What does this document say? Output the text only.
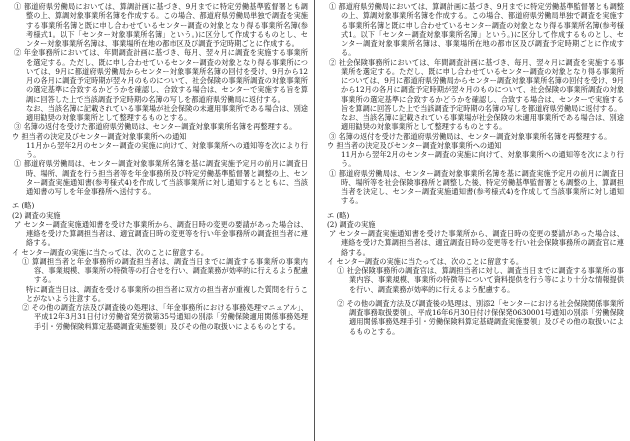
① 都道府県労働局においては、算調計画に基づき、9月までに特定労働基準監督署とも調整の上、算調対象事業所名簿を作成する。この場合、都道府県労働局単独で調査を実施する事業所名簿と既に申し合わせているセンター調査の対象となり得る事業所名簿(参考様式1。以下「センター対象事業所名簿」という。)に区分して作成するものとし、センター対象事業所名簿は、事業場所在地の都市区及び調査予定時期ごとに作成する。

② 年金事務所においては、年間調査計画に基づき、毎月、翌々月に調査を実施する事業所を選定する。ただし、既に申し合わせているセンター調査の対象となり得る事業所については、9月に都道府県労働局からセンター対象事業所名簿の回付を受け、9月から12月の各月に調査予定時期が翌々月のものについて、社会保険の事業所調査の対象事業所の選定基準に合致するかどうかを確認し、合致する場合は、センターで実施する旨を算調に回答した上で当該調査予定時期の名簿の写しを都道府県労働局に返付する。

なお、当該名簿に記載されている事業場が社会保険の未適用事業所である場合は、別途適用勧奨の対象事業所として整理するものとする。

③ 名簿の返付を受けた都道府県労働局は、センター調査対象事業所名簿を再整理する。

ウ 担当者の決定及びセンター調査対象事業所への通知

11月から翌年2月のセンター調査の実施に向けて、対象事業所への通知等を次により行う。

① 都道府県労働局は、センター調査対象事業所名簿を基に調査実施予定月の前月に調査日時、場所、調査を行う担当者等を年金事務所及び特定労働基準監督署と調整の上、センター調査実施通知書(参考様式4)を作成して当該事業所に対し通知するとともに、当該通知書の写しを年金事務所へ送付する。

エ (略)

(2) 調査の実施

ア センター調査実施通知書を受けた事業所から、調査日時の変更の要請があった場合は、連絡を受けた算調担当者は、適宜調査日時の変更等を行い年金事務所の調査担当者に連絡する。

イ センター調査の実施に当たっては、次のことに留意する。

① 算調担当者と年金事務所の調査担当者は、調査当日までに調査する事業所の事業内容、事業規模、事業所の特徴等の打合せを行い、調査業務が効率的に行えるよう配慮する。

特に調査当日は、調査を受ける事業所の担当者に双方の担当者が重複した質問を行うことがないよう注意する。

② その他の調査方法及び調査後の処理は、「年金事務所における事務処理マニュアル」、平成12年3月31日付け労働省発労徴第35号通知の別添「労働保険適用関係事務処理手引・労働保険料算定基礎調査実施要領」及びその他の取扱いによるものとする。

① 都道府県労働局においては、算調計画に基づき、9月までに特定労働基準監督署とも調整の上、算調対象事業所名簿を作成する。この場合、都道府県労働局単独で調査を実施する事業所名簿と既に申し合わせているセンター調査の対象となり得る事業所名簿(参考様式1。以下「センター調査対象事業所名簿」という。)に区分して作成するものとし、センター調査対象事業所名簿は、事業場所在地の都市区及び調査予定時期ごとに作成する。

② 社会保険事務所においては、年間調査計画に基づき、毎月、翌々月に調査を実施する事業所を選定する。ただし、既に申し合わせているセンター調査の対象となり得る事業所については、9月に都道府県労働局からセンター調査対象事業所名簿の回付を受け、9月から12月の各月に調査予定時期が翌々月のものについて、社会保険の事業所調査の対象事業所の選定基準に合致するかどうかを確認し、合致する場合は、センターで実施する旨を算調に回答した上で当該調査予定時期の名簿の写しを都道府県労働局に返付する。

なお、当該名簿に記載されている事業場が社会保険の未適用事業所である場合は、別途適用勧奨の対象事業所として整理するものとする。

③ 名簿の返付を受けた都道府県労働局は、センター調査対象事業所名簿を再整理する。

ウ 担当者の決定及びセンター調査対象事業所への通知

11月から翌年2月のセンター調査の実施に向けて、対象事業所への通知等を次により行う。

① 都道府県労働局は、センター調査対象事業所名簿を基に調査実施予定月の前月に調査日時、場所等を社会保険事務所と調整した後、特定労働基準監督署とも調整の上、算調担当者を決定し、センター調査実施通知書(参考様式4)を作成して当該事業所に対し通知する。

エ (略)

(2) 調査の実施

ア センター調査実施通知書を受けた事業所から、調査日時の変更の要請があった場合は、連絡を受けた算調担当者は、適宜調査日時の変更等を行い社会保険事務所の調査官に連絡する。

イ センター調査の実施に当たっては、次のことに留意する。

① 社会保険事務所の調査官は、算調担当者に対し、調査当日までに調査する事業所の事業内容、事業規模、事業所の特徴等について資料提供を行う等により十分な情報提供を行い、調査業務が効率的に行えるよう配慮する。

② その他の調査方法及び調査後の処理は、別添2「センターにおける社会保険関係事業所調査事務取扱要領」、平成16年6月30日付け保保発0630001号通知の別添「労働保険適用関係事務処理手引・労働保険料算定基礎調査実施要領」及びその他の取扱いによるものとする。
